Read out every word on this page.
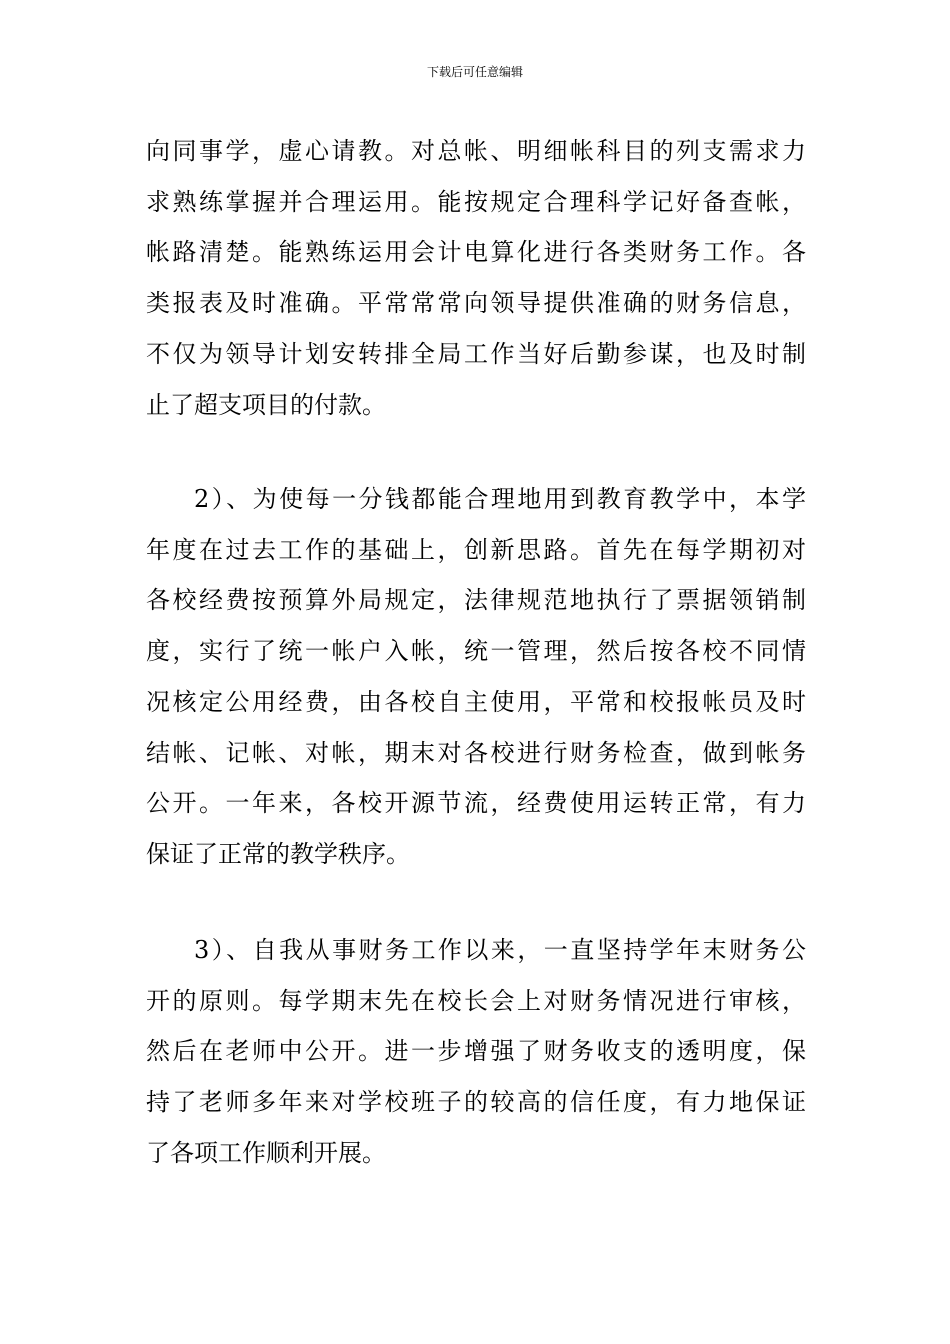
下载后可任意编辑
向同事学，虚心请教。对总帐、明细帐科目的列支需求力
求熟练掌握并合理运用。能按规定合理科学记好备查帐，
帐路清楚。能熟练运用会计电算化进行各类财务工作。各
类报表及时准确。平常常常向领导提供准确的财务信息，
不仅为领导计划安转排全局工作当好后勤参谋，也及时制
止了超支项目的付款。
2）、为使每一分钱都能合理地用到教育教学中，本学
年度在过去工作的基础上，创新思路。首先在每学期初对
各校经费按预算外局规定，法律规范地执行了票据领销制
度，实行了统一帐户入帐，统一管理，然后按各校不同情
况核定公用经费，由各校自主使用，平常和校报帐员及时
结帐、记帐、对帐，期末对各校进行财务检查，做到帐务
公开。一年来，各校开源节流，经费使用运转正常，有力
保证了正常的教学秩序。
3）、自我从事财务工作以来，一直坚持学年末财务公
开的原则。每学期末先在校长会上对财务情况进行审核，
然后在老师中公开。进一步增强了财务收支的透明度，保
持了老师多年来对学校班子的较高的信任度，有力地保证
了各项工作顺利开展。
